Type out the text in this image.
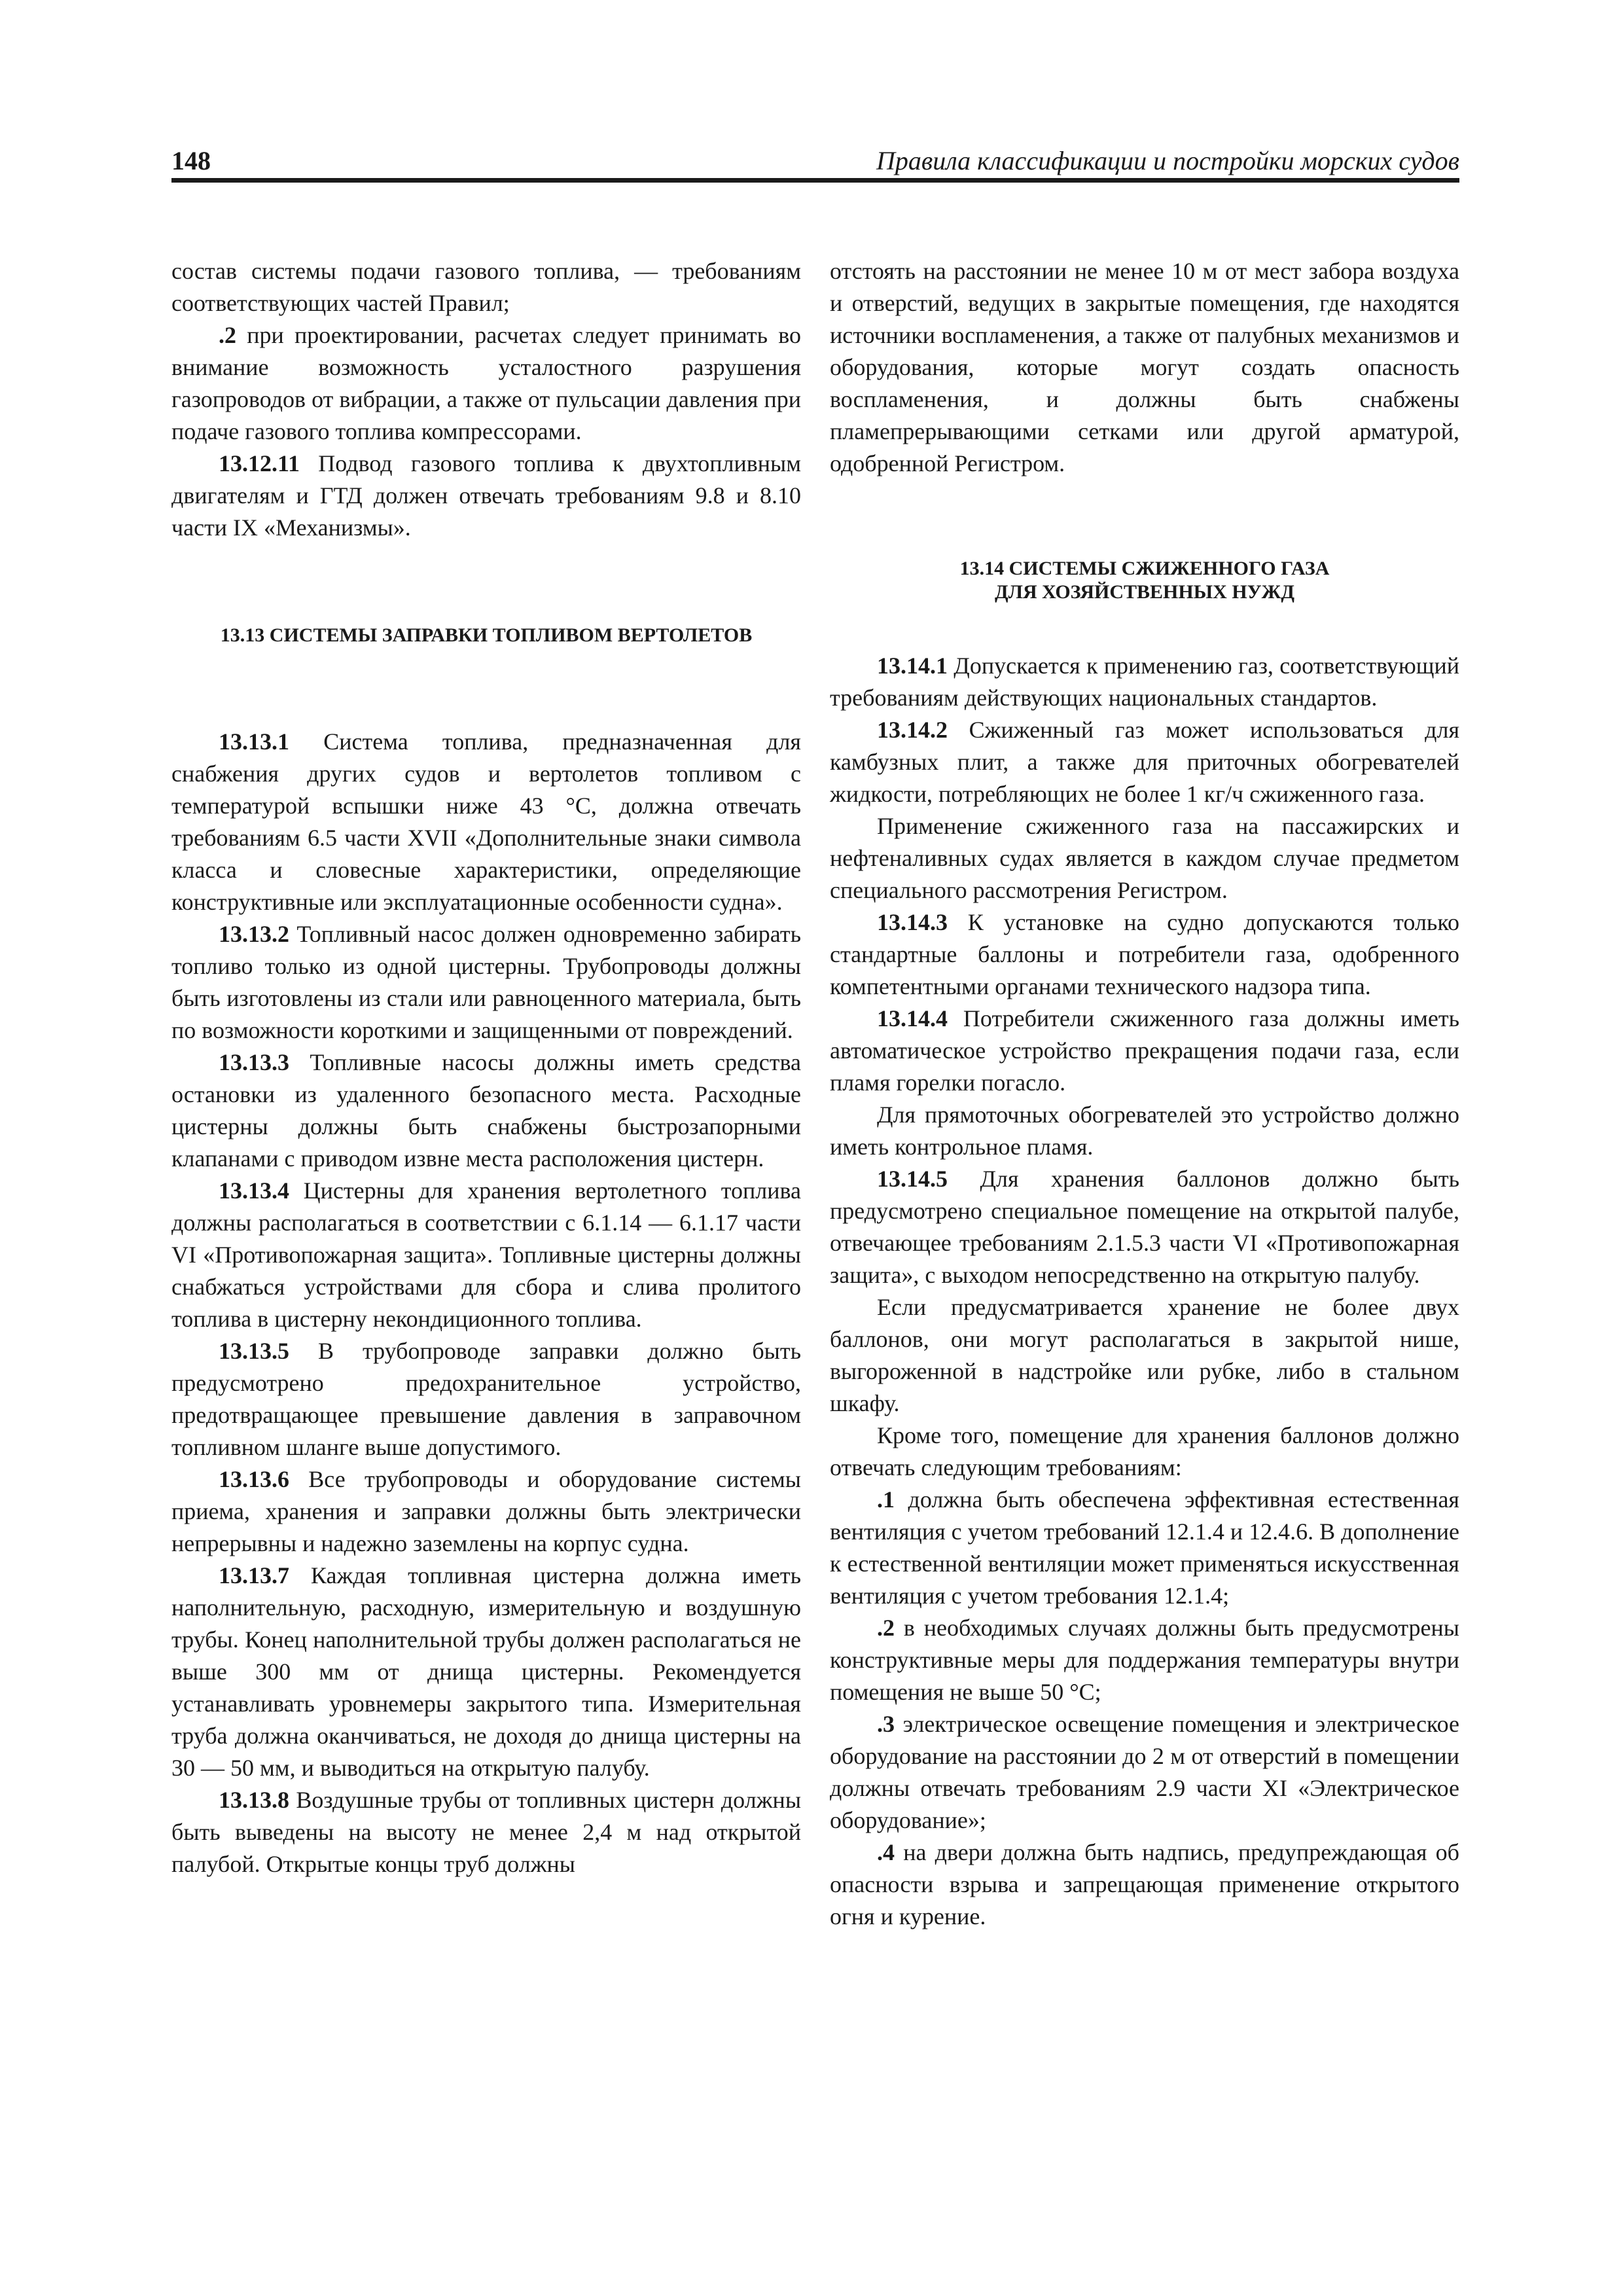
148	Правила классификации и постройки морских судов

состав системы подачи газового топлива, — требованиям соответствующих частей Правил;

.2 при проектировании, расчетах следует принимать во внимание возможность усталостного разрушения газопроводов от вибрации, а также от пульсации давления при подаче газового топлива компрессорами.

13.12.11 Подвод газового топлива к двухтопливным двигателям и ГТД должен отвечать требованиям 9.8 и 8.10 части IX «Механизмы».

13.13 СИСТЕМЫ ЗАПРАВКИ ТОПЛИВОМ ВЕРТОЛЕТОВ

13.13.1 Система топлива, предназначенная для снабжения других судов и вертолетов топливом с температурой вспышки ниже 43 °С, должна отвечать требованиям 6.5 части XVII «Дополнительные знаки символа класса и словесные характеристики, определяющие конструктивные или эксплуатационные особенности судна».

13.13.2 Топливный насос должен одновременно забирать топливо только из одной цистерны. Трубопроводы должны быть изготовлены из стали или равноценного материала, быть по возможности короткими и защищенными от повреждений.

13.13.3 Топливные насосы должны иметь средства остановки из удаленного безопасного места. Расходные цистерны должны быть снабжены быстрозапорными клапанами с приводом извне места расположения цистерн.

13.13.4 Цистерны для хранения вертолетного топлива должны располагаться в соответствии с 6.1.14 — 6.1.17 части VI «Противопожарная защита». Топливные цистерны должны снабжаться устройствами для сбора и слива пролитого топлива в цистерну некондиционного топлива.

13.13.5 В трубопроводе заправки должно быть предусмотрено предохранительное устройство, предотвращающее превышение давления в заправочном топливном шланге выше допустимого.

13.13.6 Все трубопроводы и оборудование системы приема, хранения и заправки должны быть электрически непрерывны и надежно заземлены на корпус судна.

13.13.7 Каждая топливная цистерна должна иметь наполнительную, расходную, измерительную и воздушную трубы. Конец наполнительной трубы должен располагаться не выше 300 мм от днища цистерны. Рекомендуется устанавливать уровнемеры закрытого типа. Измерительная труба должна оканчиваться, не доходя до днища цистерны на 30 — 50 мм, и выводиться на открытую палубу.

13.13.8 Воздушные трубы от топливных цистерн должны быть выведены на высоту не менее 2,4 м над открытой палубой. Открытые концы труб должны

отстоять на расстоянии не менее 10 м от мест забора воздуха и отверстий, ведущих в закрытые помещения, где находятся источники воспламенения, а также от палубных механизмов и оборудования, которые могут создать опасность воспламенения, и должны быть снабжены пламепрерывающими сетками или другой арматурой, одобренной Регистром.

13.14 СИСТЕМЫ СЖИЖЕННОГО ГАЗА
ДЛЯ ХОЗЯЙСТВЕННЫХ НУЖД

13.14.1 Допускается к применению газ, соответствующий требованиям действующих национальных стандартов.

13.14.2 Сжиженный газ может использоваться для камбузных плит, а также для приточных обогревателей жидкости, потребляющих не более 1 кг/ч сжиженного газа.

Применение сжиженного газа на пассажирских и нефтеналивных судах является в каждом случае предметом специального рассмотрения Регистром.

13.14.3 К установке на судно допускаются только стандартные баллоны и потребители газа, одобренного компетентными органами технического надзора типа.

13.14.4 Потребители сжиженного газа должны иметь автоматическое устройство прекращения подачи газа, если пламя горелки погасло.

Для прямоточных обогревателей это устройство должно иметь контрольное пламя.

13.14.5 Для хранения баллонов должно быть предусмотрено специальное помещение на открытой палубе, отвечающее требованиям 2.1.5.3 части VI «Противопожарная защита», с выходом непосредственно на открытую палубу.

Если предусматривается хранение не более двух баллонов, они могут располагаться в закрытой нише, выгороженной в надстройке или рубке, либо в стальном шкафу.

Кроме того, помещение для хранения баллонов должно отвечать следующим требованиям:

.1 должна быть обеспечена эффективная естественная вентиляция с учетом требований 12.1.4 и 12.4.6. В дополнение к естественной вентиляции может применяться искусственная вентиляция с учетом требования 12.1.4;

.2 в необходимых случаях должны быть предусмотрены конструктивные меры для поддержания температуры внутри помещения не выше 50 °С;

.3 электрическое освещение помещения и электрическое оборудование на расстоянии до 2 м от отверстий в помещении должны отвечать требованиям 2.9 части XI «Электрическое оборудование»;

.4 на двери должна быть надпись, предупреждающая об опасности взрыва и запрещающая применение открытого огня и курение.
